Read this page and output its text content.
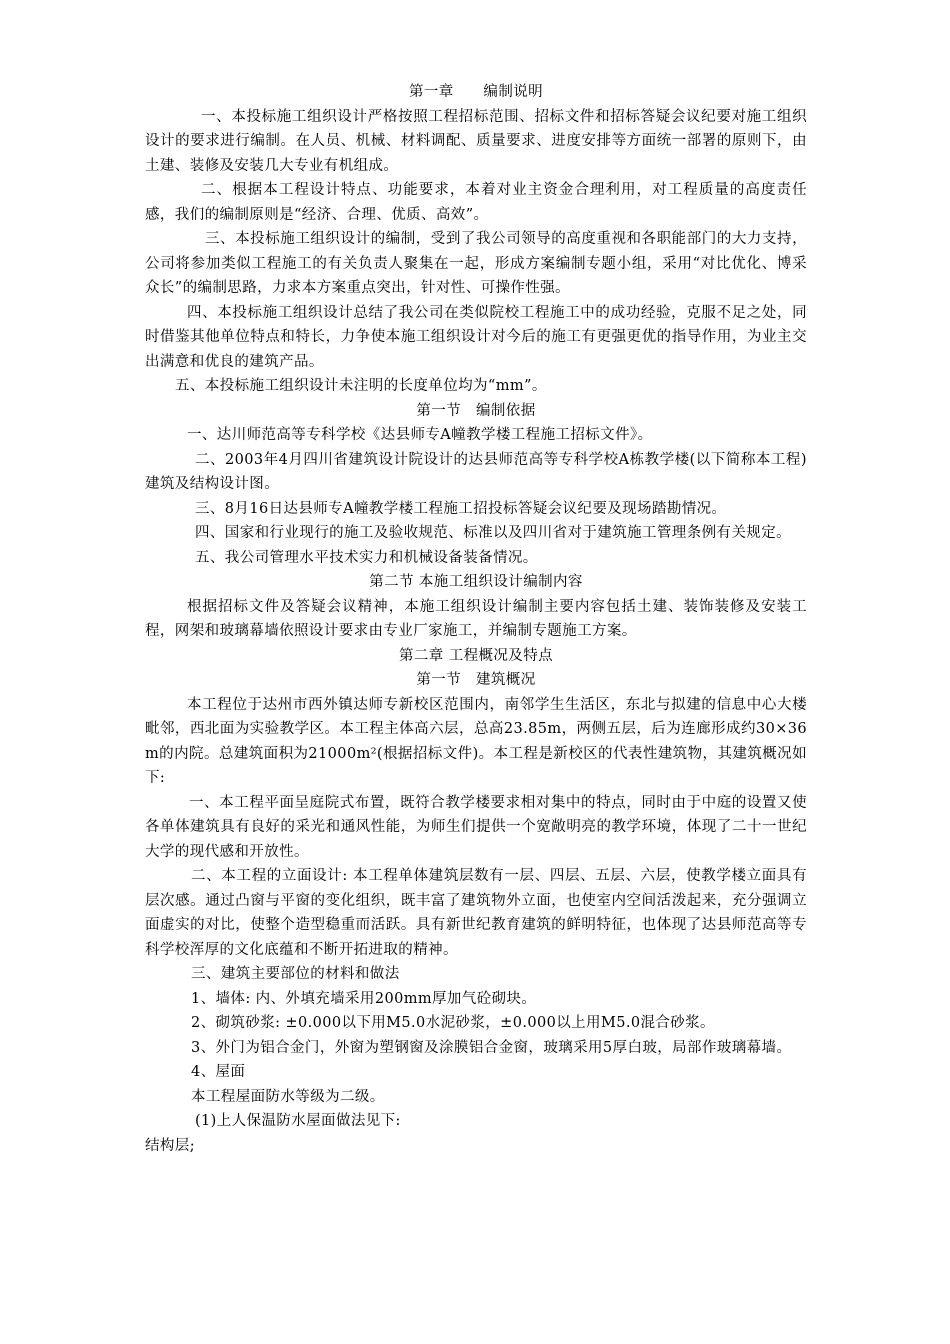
第一章　　编制说明

一、本投标施工组织设计严格按照工程招标范围、招标文件和招标答疑会议纪要对施工组织设计的要求进行编制。在人员、机械、材料调配、质量要求、进度安排等方面统一部署的原则下，由土建、装修及安装几大专业有机组成。

二、根据本工程设计特点、功能要求，本着对业主资金合理利用，对工程质量的高度责任感，我们的编制原则是“经济、合理、优质、高效”。

三、本投标施工组织设计的编制，受到了我公司领导的高度重视和各职能部门的大力支持，公司将参加类似工程施工的有关负责人聚集在一起，形成方案编制专题小组，采用“对比优化、博采众长”的编制思路，力求本方案重点突出，针对性、可操作性强。

四、本投标施工组织设计总结了我公司在类似院校工程施工中的成功经验，克服不足之处，同时借鉴其他单位特点和特长，力争使本施工组织设计对今后的施工有更强更优的指导作用，为业主交出满意和优良的建筑产品。

五、本投标施工组织设计未注明的长度单位均为“mm”。

第一节　编制依据

一、达川师范高等专科学校《达县师专A幢教学楼工程施工招标文件》。

二、2003年4月四川省建筑设计院设计的达县师范高等专科学校A栋教学楼(以下简称本工程)建筑及结构设计图。

三、8月16日达县师专A幢教学楼工程施工招投标答疑会议纪要及现场踏勘情况。

四、国家和行业现行的施工及验收规范、标准以及四川省对于建筑施工管理条例有关规定。

五、我公司管理水平技术实力和机械设备装备情况。

第二节 本施工组织设计编制内容

根据招标文件及答疑会议精神，本施工组织设计编制主要内容包括土建、装饰装修及安装工程，网架和玻璃幕墙依照设计要求由专业厂家施工，并编制专题施工方案。

第二章 工程概况及特点

第一节　建筑概况

本工程位于达州市西外镇达师专新校区范围内，南邻学生生活区，东北与拟建的信息中心大楼毗邻，西北面为实验教学区。本工程主体高六层，总高23.85m，两侧五层，后为连廊形成约30×36 m的内院。总建筑面积为21000m²(根据招标文件)。本工程是新校区的代表性建筑物，其建筑概况如下:

一、本工程平面呈庭院式布置，既符合教学楼要求相对集中的特点，同时由于中庭的设置又使各单体建筑具有良好的采光和通风性能，为师生们提供一个宽敞明亮的教学环境，体现了二十一世纪大学的现代感和开放性。

二、本工程的立面设计: 本工程单体建筑层数有一层、四层、五层、六层，使教学楼立面具有层次感。通过凸窗与平窗的变化组织，既丰富了建筑物外立面，也使室内空间活泼起来，充分强调立面虚实的对比，使整个造型稳重而活跃。具有新世纪教育建筑的鲜明特征，也体现了达县师范高等专科学校浑厚的文化底蕴和不断开拓进取的精神。

三、建筑主要部位的材料和做法

1、墙体: 内、外填充墙采用200mm厚加气砼砌块。

2、砌筑砂浆: ±0.000以下用M5.0水泥砂浆，±0.000以上用M5.0混合砂浆。

3、外门为铝合金门，外窗为塑钢窗及涂膜铝合金窗，玻璃采用5厚白玻，局部作玻璃幕墙。

4、屋面

本工程屋面防水等级为二级。

(1)上人保温防水屋面做法见下:

结构层;
